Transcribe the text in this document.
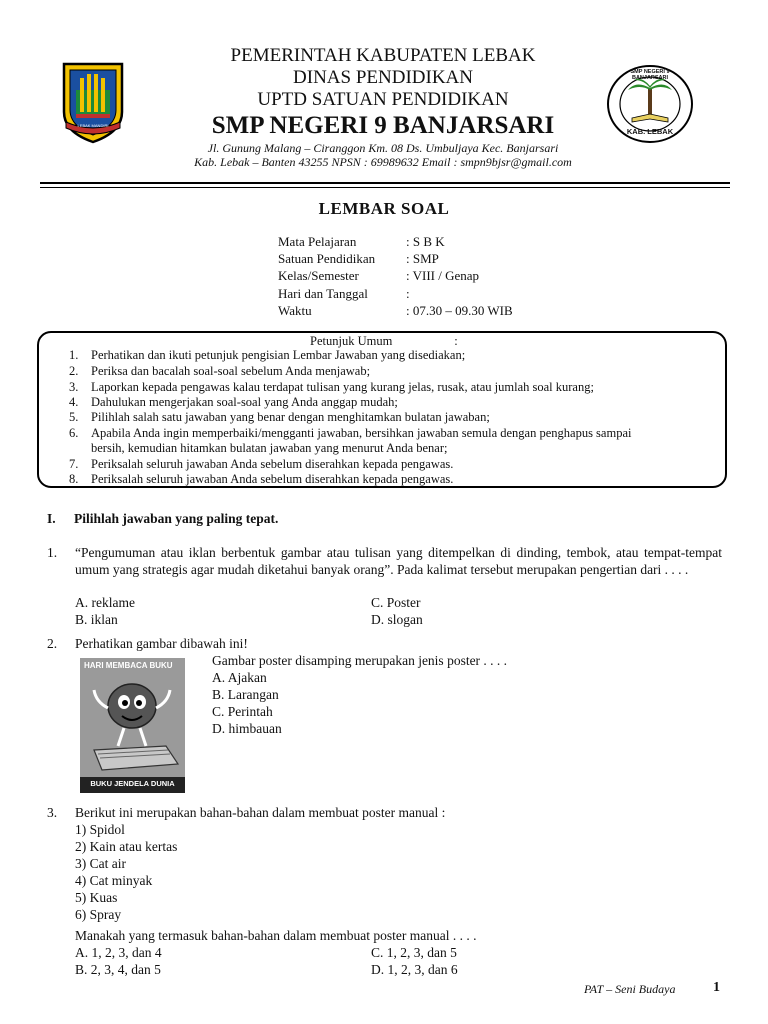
LEBAK MANDIRI
PEMERINTAH KABUPATEN LEBAK
DINAS PENDIDIKAN
UPTD SATUAN PENDIDIKAN
SMP NEGERI 9 BANJARSARI
Jl. Gunung Malang – Ciranggon Km. 08 Ds. Umbuljaya Kec. Banjarsari
Kab. Lebak – Banten 43255 NPSN : 69989632 Email : smpn9bjsr@gmail.com
SMP NEGERI 9 BANJARSARI
KAB. LEBAK
LEMBAR SOAL
Mata Pelajaran	: S B K
Satuan Pendidikan : SMP
Kelas/Semester	: VIII / Genap
Hari dan Tanggal	:
Waktu	: 07.30 – 09.30 WIB
Petunjuk Umum	:
1. Perhatikan dan ikuti petunjuk pengisian Lembar Jawaban yang disediakan;
2. Periksa dan bacalah soal-soal sebelum Anda menjawab;
3. Laporkan kepada pengawas kalau terdapat tulisan yang kurang jelas, rusak, atau jumlah soal kurang;
4. Dahulukan mengerjakan soal-soal yang Anda anggap mudah;
5. Pilihlah salah satu jawaban yang benar dengan menghitamkan bulatan jawaban;
6. Apabila Anda ingin memperbaiki/mengganti jawaban, bersihkan jawaban semula dengan penghapus sampai
bersih, kemudian hitamkan bulatan jawaban yang menurut Anda benar;
7. Periksalah seluruh jawaban Anda sebelum diserahkan kepada pengawas.
8. Periksalah seluruh jawaban Anda sebelum diserahkan kepada pengawas.
I. Pilihlah jawaban yang paling tepat.
1. “Pengumuman atau iklan berbentuk gambar atau tulisan yang ditempelkan di dinding, tembok, atau tempat-tempat umum yang strategis agar mudah diketahui banyak orang”. Pada kalimat tersebut merupakan pengertian dari . . . .
A. reklame	C. Poster
B. iklan	D. slogan
2. Perhatikan gambar dibawah ini!
HARI MEMBACA BUKU
BUKU JENDELA DUNIA
Gambar poster disamping merupakan jenis poster . . . .
A. Ajakan
B. Larangan
C. Perintah
D. himbauan
3. Berikut ini merupakan bahan-bahan dalam membuat poster manual :
1) Spidol
2) Kain atau kertas
3) Cat air
4) Cat minyak
5) Kuas
6) Spray
Manakah yang termasuk bahan-bahan dalam membuat poster manual . . . .
A. 1, 2, 3, dan 4	C. 1, 2, 3, dan 5
B. 2, 3, 4, dan 5	D. 1, 2, 3, dan 6
PAT – Seni Budaya	1
